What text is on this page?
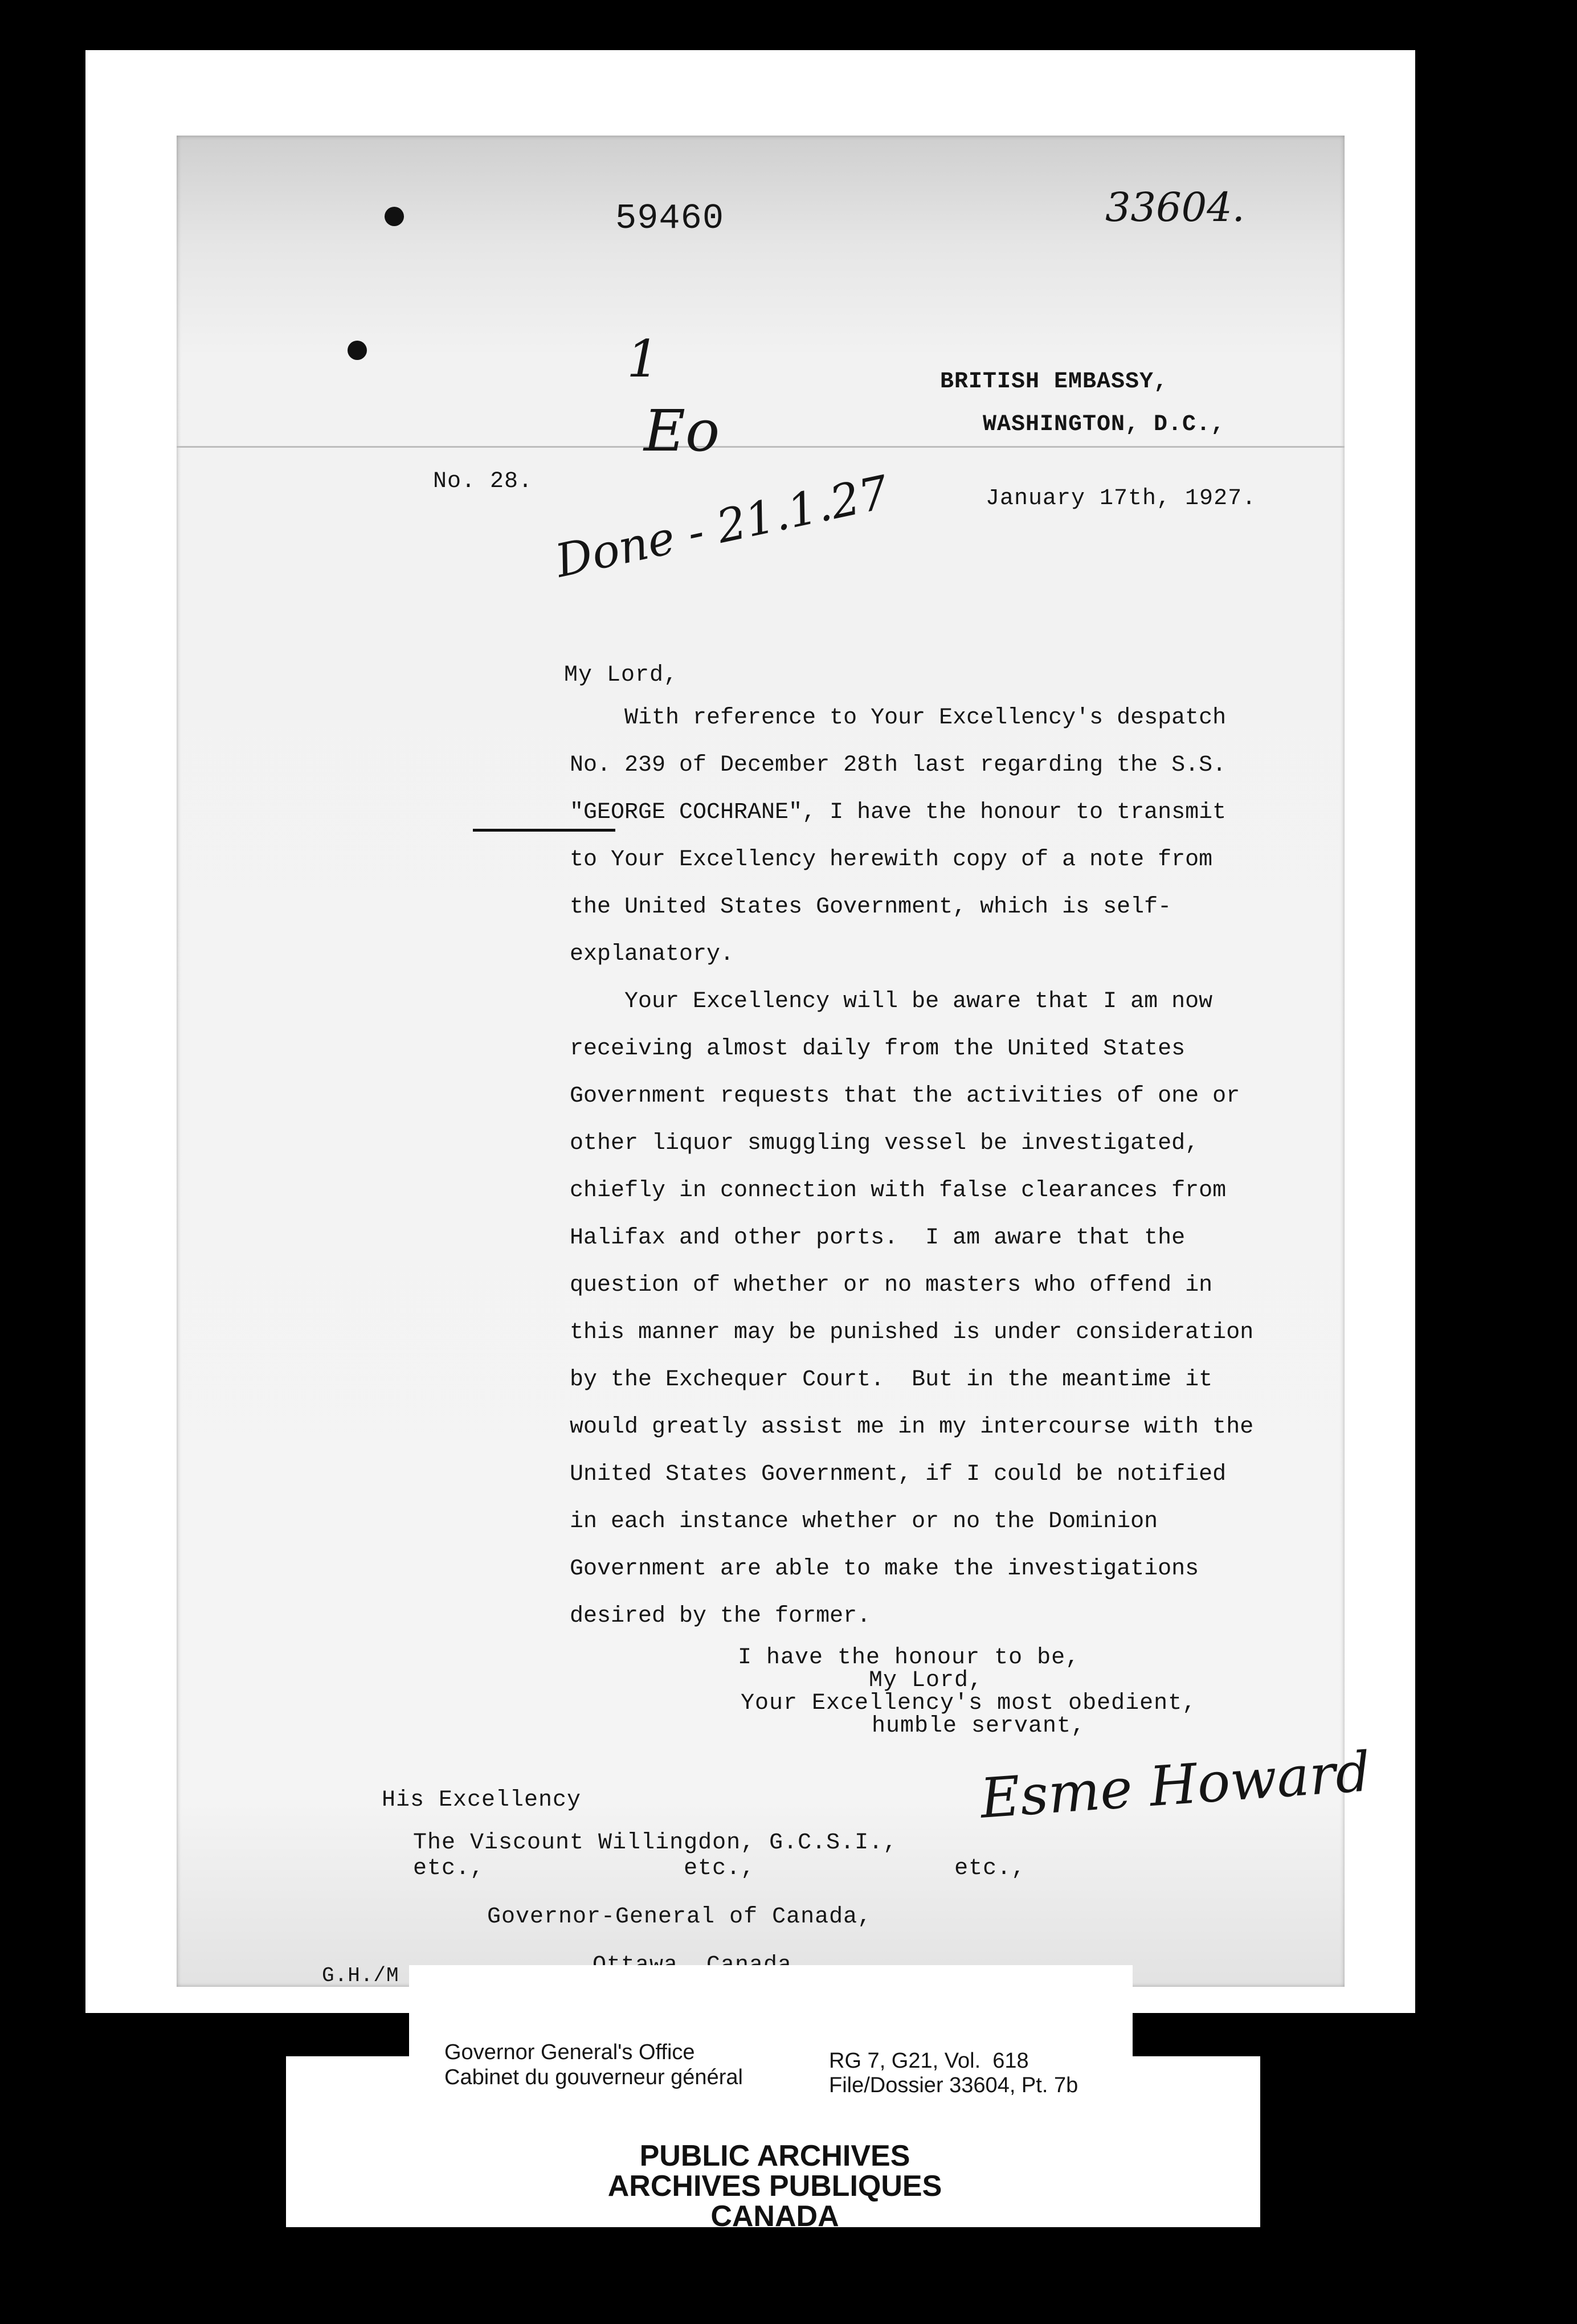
59460	33604.
1
Eo
Done - 21.1.27
BRITISH EMBASSY,
WASHINGTON, D.C.,
No. 28.
January 17th, 1927.
My Lord,
With reference to Your Excellency's despatch
No. 239 of December 28th last regarding the S.S.
"GEORGE COCHRANE", I have the honour to transmit
to Your Excellency herewith copy of a note from
the United States Government, which is self-
explanatory.
Your Excellency will be aware that I am now
receiving almost daily from the United States
Government requests that the activities of one or
other liquor smuggling vessel be investigated,
chiefly in connection with false clearances from
Halifax and other ports.  I am aware that the
question of whether or no masters who offend in
this manner may be punished is under consideration
by the Exchequer Court.  But in the meantime it
would greatly assist me in my intercourse with the
United States Government, if I could be notified
in each instance whether or no the Dominion
Government are able to make the investigations
desired by the former.
I have the honour to be,
My Lord,
Your Excellency's most obedient,
humble servant,
Esme Howard
His Excellency
The Viscount Willingdon, G.C.S.I.,
etc.,              etc.,              etc.,
Governor-General of Canada,
G.H./M
Governor General's Office
Cabinet du gouverneur général
RG 7, G21, Vol.  618
File/Dossier 33604, Pt. 7b
PUBLIC ARCHIVES
ARCHIVES PUBLIQUES
CANADA
